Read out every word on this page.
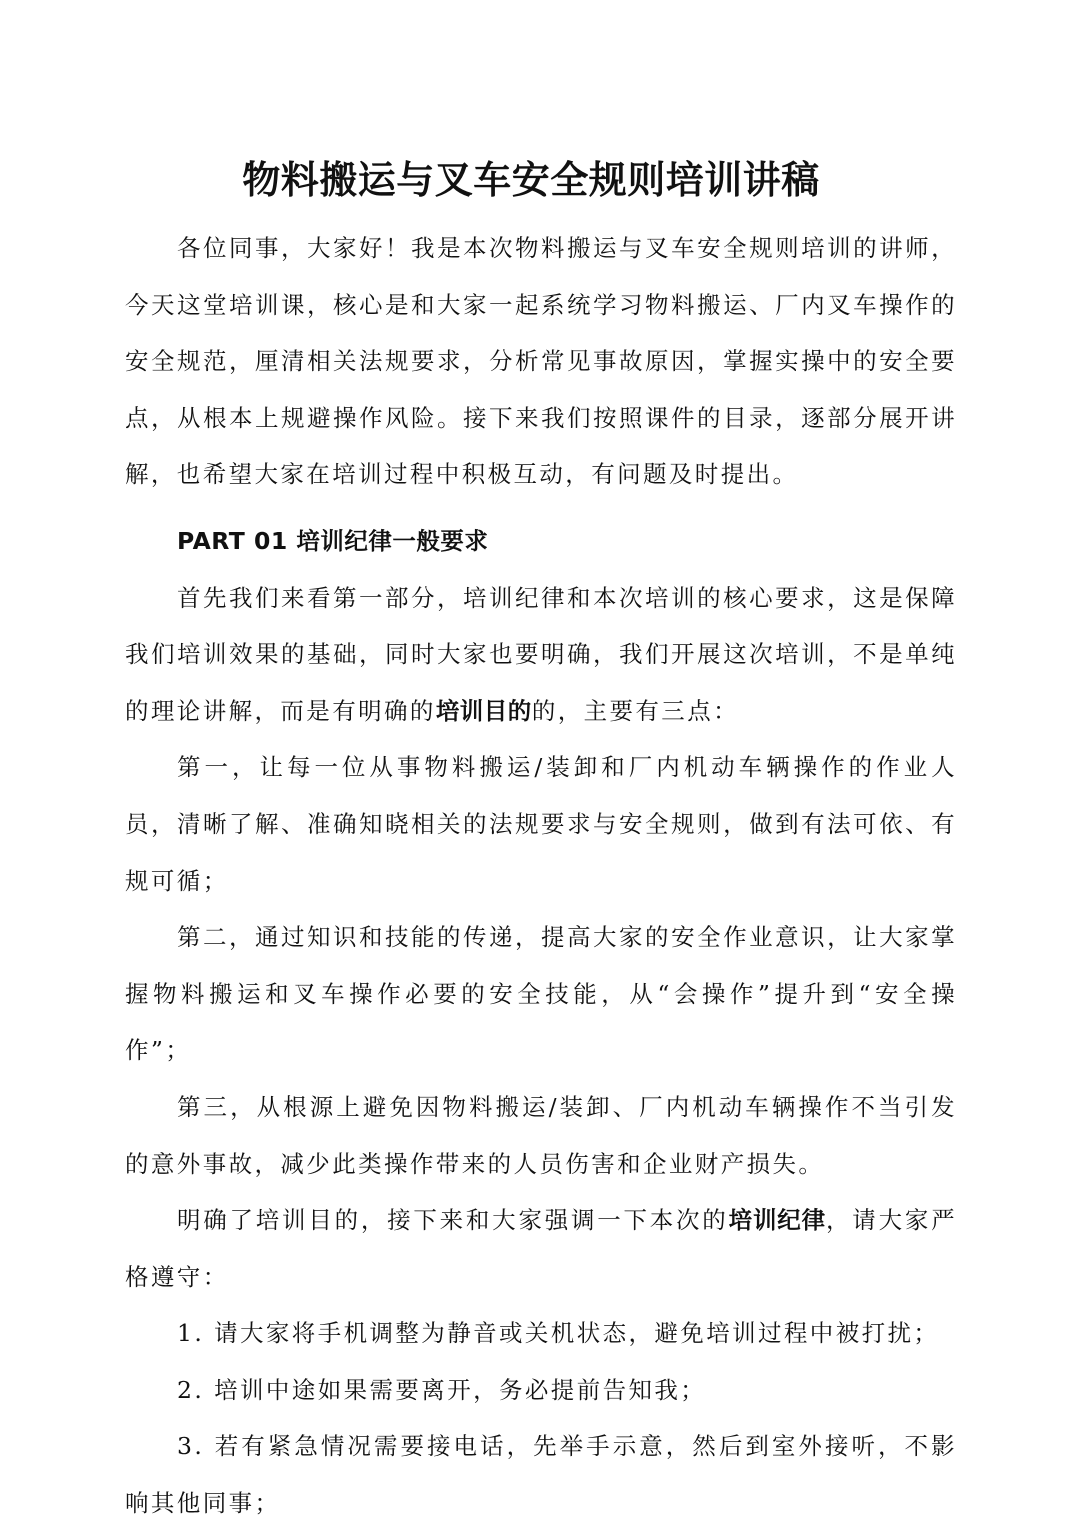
物料搬运与叉车安全规则培训讲稿

各位同事，大家好！我是本次物料搬运与叉车安全规则培训的讲师，今天这堂培训课，核心是和大家一起系统学习物料搬运、厂内叉车操作的安全规范，厘清相关法规要求，分析常见事故原因，掌握实操中的安全要点，从根本上规避操作风险。接下来我们按照课件的目录，逐部分展开讲解，也希望大家在培训过程中积极互动，有问题及时提出。

PART 01 培训纪律一般要求

首先我们来看第一部分，培训纪律和本次培训的核心要求，这是保障我们培训效果的基础，同时大家也要明确，我们开展这次培训，不是单纯的理论讲解，而是有明确的培训目的的，主要有三点：

第一，让每一位从事物料搬运/装卸和厂内机动车辆操作的作业人员，清晰了解、准确知晓相关的法规要求与安全规则，做到有法可依、有规可循；

第二，通过知识和技能的传递，提高大家的安全作业意识，让大家掌握物料搬运和叉车操作必要的安全技能，从“会操作”提升到“安全操作”；

第三，从根源上避免因物料搬运/装卸、厂内机动车辆操作不当引发的意外事故，减少此类操作带来的人员伤害和企业财产损失。

明确了培训目的，接下来和大家强调一下本次的培训纪律，请大家严格遵守：

1. 请大家将手机调整为静音或关机状态，避免培训过程中被打扰；

2. 培训中途如果需要离开，务必提前告知我；

3. 若有紧急情况需要接电话，先举手示意，然后到室外接听，不影响其他同事；
